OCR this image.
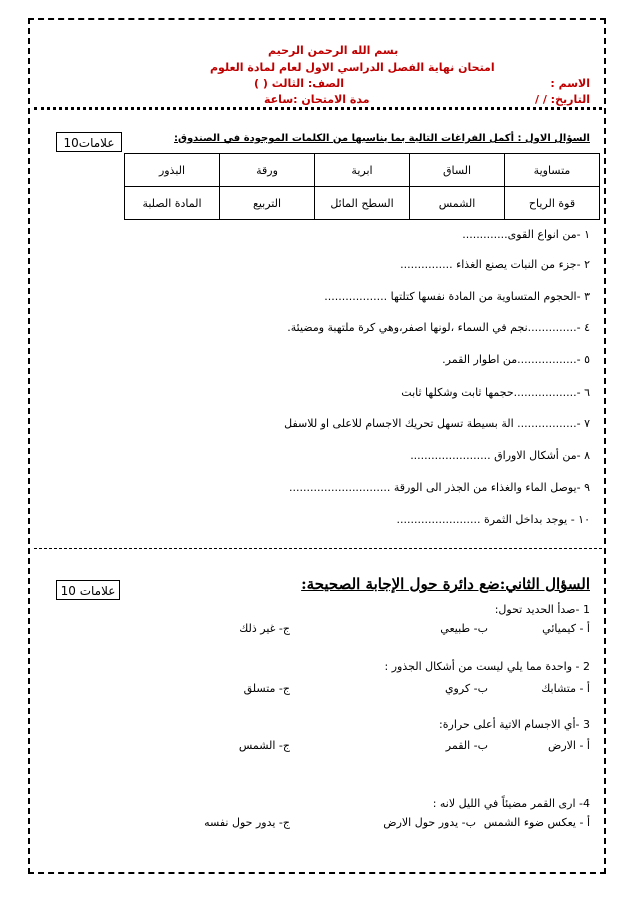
بسم الله الرحمن الرحيم
امتحان نهاية الفصل الدراسي الاول لعام لمادة العلوم
الصف: الثالث ( )	الاسم :
التاريخ: / /
مدة الامتحان :ساعة
10علامات	السؤال الاول : أكمل الفراغات التالية بما يناسبها من الكلمات الموجودة في الصندوق:
متساوية	الساق	ابرية	ورقة	البذور
قوة الرياح	الشمس	السطح المائل	التربيع	المادة الصلبة
١ -من انواع القوى.............
٢ -جزء من النبات يصنع الغذاء ...............
٣ -الحجوم المتساوية من المادة نفسها كتلتها ..................
٤ -..............نجم في السماء ،لونها اصفر،وهي كرة ملتهبة ومضيئة.
٥ -.................من اطوار القمر.
٦ -..................حجمها ثابت وشكلها ثابت
٧ -................. الة بسيطة تسهل تحريك الاجسام للاعلى او للاسفل
٨ -من أشكال الاوراق .......................
٩ -يوصل الماء والغذاء من الجذر الى الورقة .............................
١٠ - يوجد بداخل الثمرة ........................
10 علامات	السؤال الثاني:ضع دائرة حول الإجابة الصحيحة:
1 -صدأ الحديد تحول:
أ - كيميائي
ب- طبيعي
ج- غير ذلك
2 - واحدة مما يلي ليست من أشكال الجذور :
أ - متشابك
ب- كروي
ج- متسلق
3 -أي الاجسام الاتية أعلى حرارة:
أ - الارض
ب- القمر
ج- الشمس
4- ارى القمر مضيئاً في الليل لانه :
أ - يعكس ضوء الشمس
ب- يدور حول الارض
ج- يدور حول نفسه
